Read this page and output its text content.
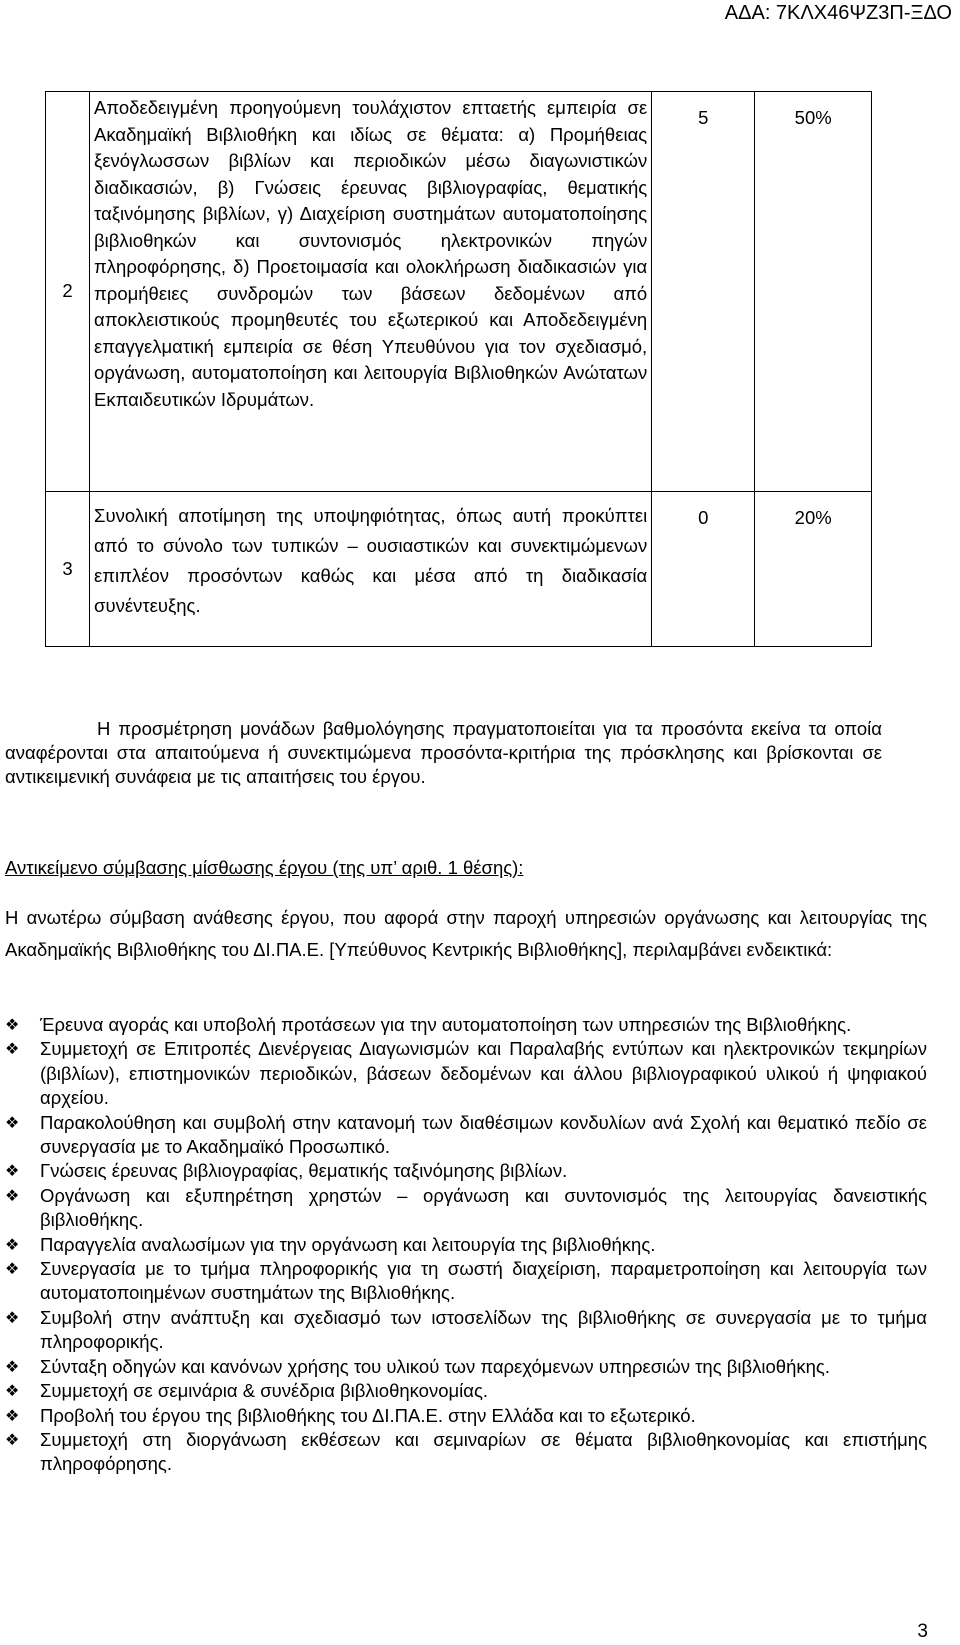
ΑΔΑ: 7ΚΛΧ46ΨΖ3Π-ΞΔΟ
2	Αποδεδειγμένη προηγούμενη τουλάχιστον επταετής εμπειρία σε Ακαδημαϊκή Βιβλιοθήκη και ιδίως σε θέματα: α) Προμήθειας ξενόγλωσσων βιβλίων και περιοδικών μέσω διαγωνιστικών διαδικασιών, β) Γνώσεις έρευνας βιβλιογραφίας, θεματικής ταξινόμησης βιβλίων, γ) Διαχείριση συστημάτων αυτοματοποίησης βιβλιοθηκών και συντονισμός ηλεκτρονικών πηγών πληροφόρησης, δ) Προετοιμασία και ολοκλήρωση διαδικασιών για προμήθειες συνδρομών των βάσεων δεδομένων από αποκλειστικούς προμηθευτές του εξωτερικού και Αποδεδειγμένη επαγγελματική εμπειρία σε θέση Υπευθύνου για τον σχεδιασμό, οργάνωση, αυτοματοποίηση και λειτουργία Βιβλιοθηκών Ανώτατων Εκπαιδευτικών Ιδρυμάτων.	5	50%
3	Συνολική αποτίμηση της υποψηφιότητας, όπως αυτή προκύπτει από το σύνολο των τυπικών – ουσιαστικών και συνεκτιμώμενων επιπλέον προσόντων καθώς και μέσα από τη διαδικασία συνέντευξης.	0	20%

Η προσμέτρηση μονάδων βαθμολόγησης πραγματοποιείται για τα προσόντα εκείνα τα οποία αναφέρονται στα απαιτούμενα ή συνεκτιμώμενα προσόντα-κριτήρια της πρόσκλησης και βρίσκονται σε αντικειμενική συνάφεια με τις απαιτήσεις του έργου.

Αντικείμενο σύμβασης μίσθωσης έργου (της υπ’ αριθ. 1 θέσης):

Η ανωτέρω σύμβαση ανάθεσης έργου, που αφορά στην παροχή υπηρεσιών οργάνωσης και λειτουργίας της Ακαδημαϊκής Βιβλιοθήκης του ΔΙ.ΠΑ.Ε. [Υπεύθυνος Κεντρικής Βιβλιοθήκης], περιλαμβάνει ενδεικτικά:

❖ Έρευνα αγοράς και υποβολή προτάσεων για την αυτοματοποίηση των υπηρεσιών της Βιβλιοθήκης.
❖ Συμμετοχή σε Επιτροπές Διενέργειας Διαγωνισμών και Παραλαβής εντύπων και ηλεκτρονικών τεκμηρίων (βιβλίων), επιστημονικών περιοδικών, βάσεων δεδομένων και άλλου βιβλιογραφικού υλικού ή ψηφιακού αρχείου.
❖ Παρακολούθηση και συμβολή στην κατανομή των διαθέσιμων κονδυλίων ανά Σχολή και θεματικό πεδίο σε συνεργασία με το Ακαδημαϊκό Προσωπικό.
❖ Γνώσεις έρευνας βιβλιογραφίας, θεματικής ταξινόμησης βιβλίων.
❖ Οργάνωση και εξυπηρέτηση χρηστών – οργάνωση και συντονισμός της λειτουργίας δανειστικής βιβλιοθήκης.
❖ Παραγγελία αναλωσίμων για την οργάνωση και λειτουργία της βιβλιοθήκης.
❖ Συνεργασία με το τμήμα πληροφορικής για τη σωστή διαχείριση, παραμετροποίηση και λειτουργία των αυτοματοποιημένων συστημάτων της Βιβλιοθήκης.
❖ Συμβολή στην ανάπτυξη και σχεδιασμό των ιστοσελίδων της βιβλιοθήκης σε συνεργασία με το τμήμα πληροφορικής.
❖ Σύνταξη οδηγών και κανόνων χρήσης του υλικού των παρεχόμενων υπηρεσιών της βιβλιοθήκης.
❖ Συμμετοχή σε σεμινάρια & συνέδρια βιβλιοθηκονομίας.
❖ Προβολή του έργου της βιβλιοθήκης του ΔΙ.ΠΑ.Ε. στην Ελλάδα και το εξωτερικό.
❖ Συμμετοχή στη διοργάνωση εκθέσεων και σεμιναρίων σε θέματα βιβλιοθηκονομίας και επιστήμης πληροφόρησης.
3
